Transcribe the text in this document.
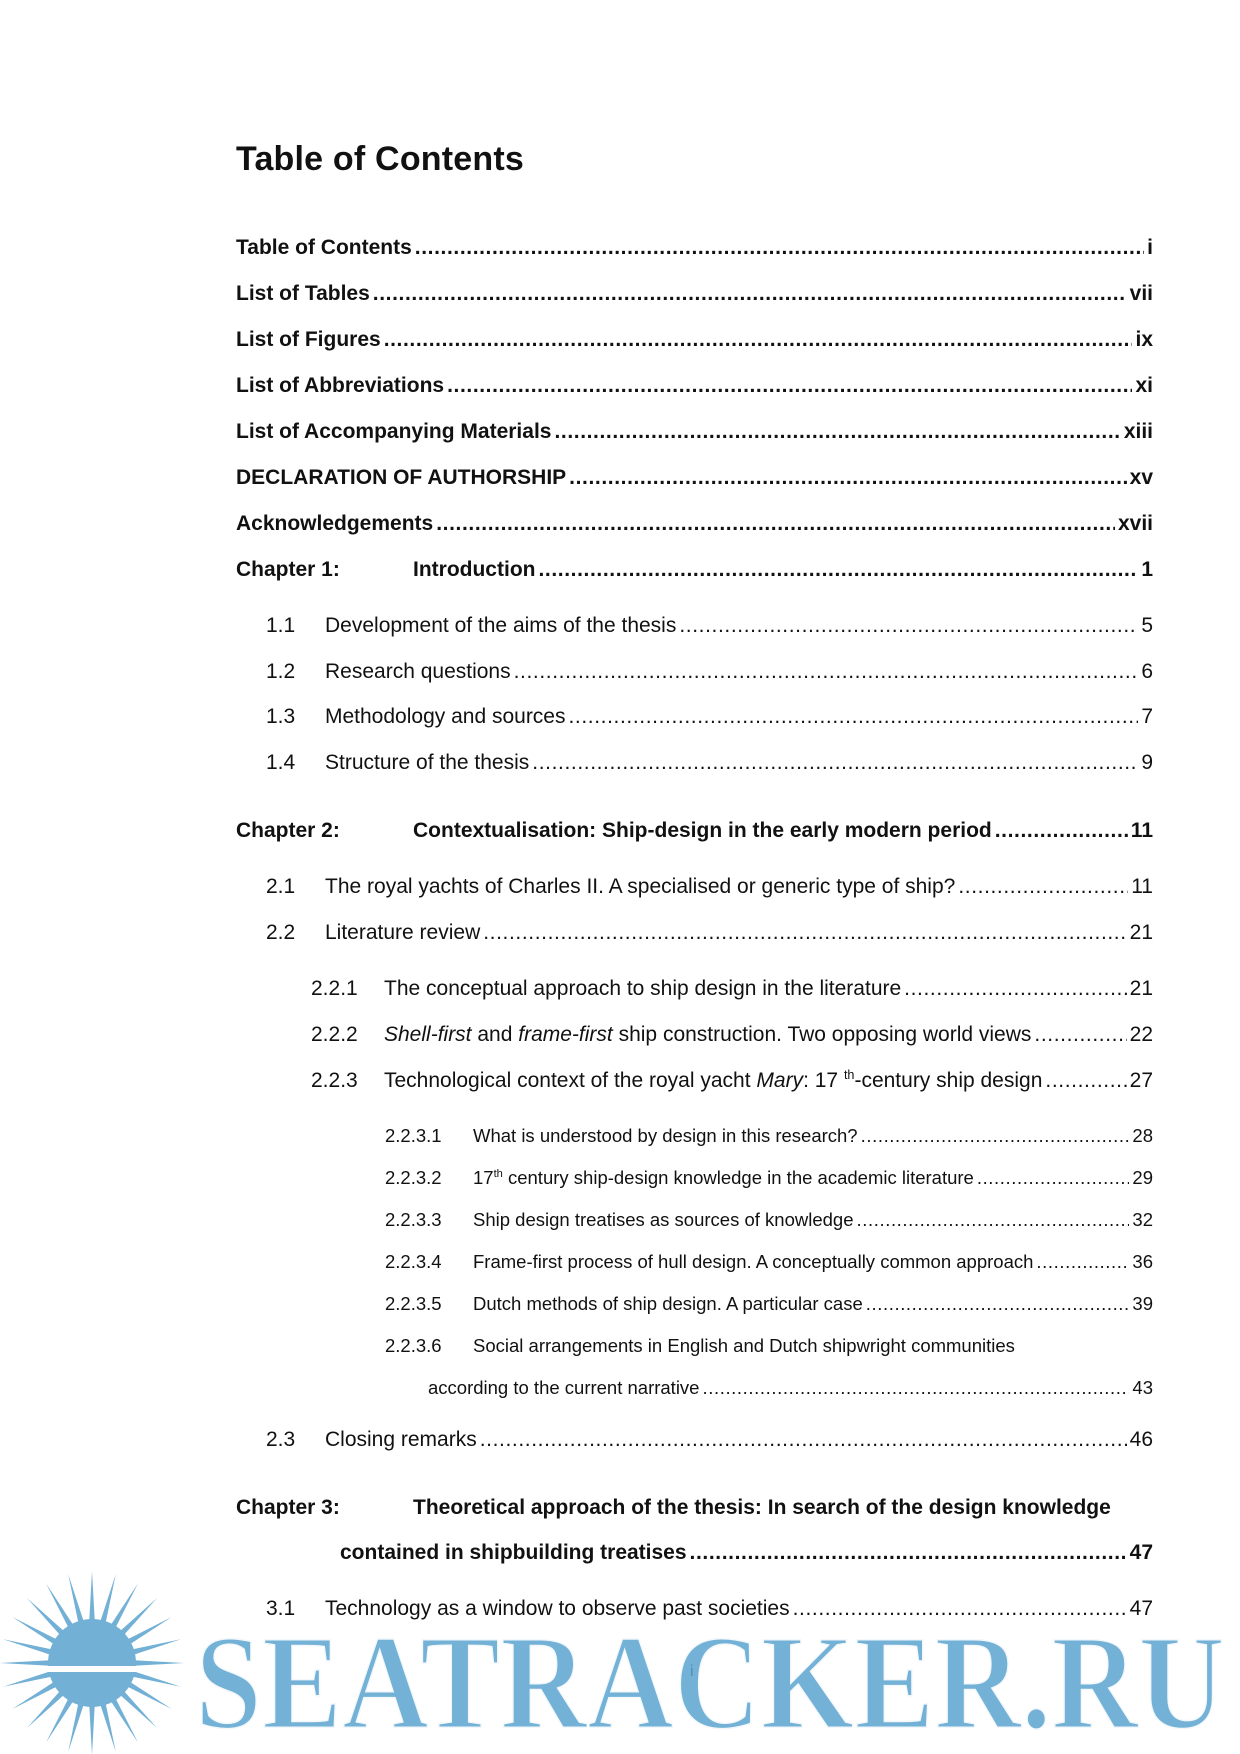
Table of Contents
Table of Contents .....	i
List of Tables .....	vii
List of Figures .....	ix
List of Abbreviations .....	xi
List of Accompanying Materials .....	xiii
DECLARATION OF AUTHORSHIP .....	xv
Acknowledgements .....	xvii
Chapter 1:	Introduction .....	1
1.1	Development of the aims of the thesis .....	5
1.2	Research questions .....	6
1.3	Methodology and sources .....	7
1.4	Structure of the thesis .....	9
Chapter 2:	Contextualisation: Ship-design in the early modern period .....	11
2.1	The royal yachts of Charles II. A specialised or generic type of ship? .....	11
2.2	Literature review .....	21
2.2.1	The conceptual approach to ship design in the literature .....	21
2.2.2	Shell-first and frame-first ship construction. Two opposing world views .....	22
2.2.3	Technological context of the royal yacht Mary: 17 $^{th}$-century ship design .....	27
2.2.3.1	What is understood by design in this research? .....	28
2.2.3.2	17th century ship-design knowledge in the academic literature .....	29
2.2.3.3	Ship design treatises as sources of knowledge .....	32
2.2.3.4	Frame-first process of hull design. A conceptually common approach .....	36
2.2.3.5	Dutch methods of ship design. A particular case .....	39
2.2.3.6	Social arrangements in English and Dutch shipwright communities
according to the current narrative .....	43
2.3	Closing remarks .....	46
Chapter 3:	Theoretical approach of the thesis: In search of the design knowledge
contained in shipbuilding treatises .....	47
3.1	Technology as a window to observe past societies .....	47
i
SEATRACKER.RU
